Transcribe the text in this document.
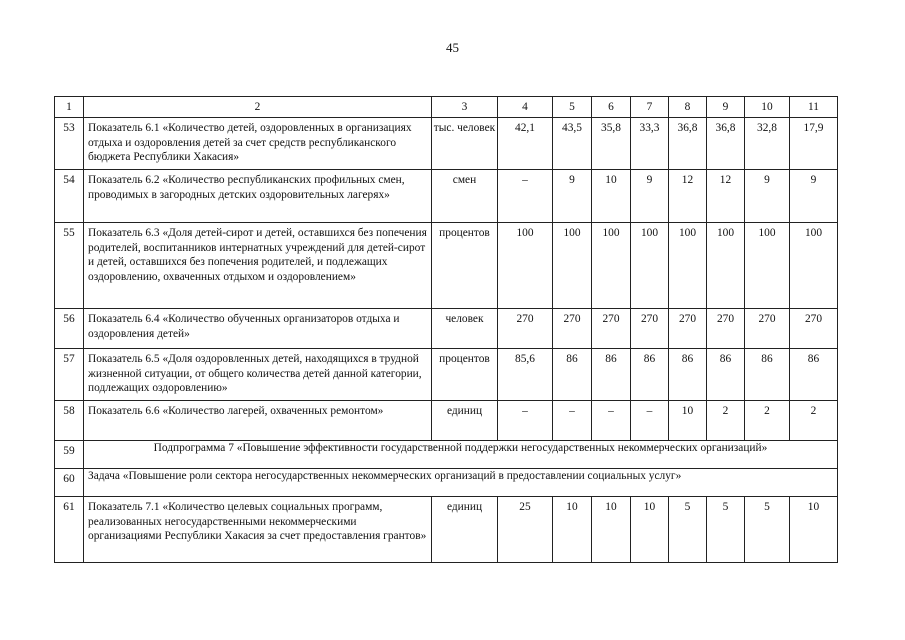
45
1	2	3	4	5	6	7	8	9	10	11
53	Показатель 6.1 «Количество детей, оздоровленных в организациях отдыха и оздоровления детей за счет средств республиканского бюджета Республики Хакасия»	тыс. человек	42,1	43,5	35,8	33,3	36,8	36,8	32,8	17,9
54	Показатель 6.2 «Количество республиканских профильных смен, проводимых в загородных детских оздоровительных лагерях»	смен	–	9	10	9	12	12	9	9
55	Показатель 6.3 «Доля детей-сирот и детей, оставшихся без попечения родителей, воспитанников интернатных учреждений для детей-сирот и детей, оставшихся без попечения родителей, и подлежащих оздоровлению, охваченных отдыхом и оздоровлением»	процентов	100	100	100	100	100	100	100	100
56	Показатель 6.4 «Количество обученных организаторов отдыха и оздоровления детей»	человек	270	270	270	270	270	270	270	270
57	Показатель 6.5 «Доля оздоровленных детей, находящихся в трудной жизненной ситуации, от общего количества детей данной категории, подлежащих оздоровлению»	процентов	85,6	86	86	86	86	86	86	86
58	Показатель 6.6 «Количество лагерей, охваченных ремонтом»	единиц	–	–	–	–	10	2	2	2
59	Подпрограмма 7 «Повышение эффективности государственной поддержки негосударственных некоммерческих организаций»									
60	Задача «Повышение роли сектора негосударственных некоммерческих организаций в предоставлении социальных услуг»									
61	Показатель 7.1 «Количество целевых социальных программ, реализованных негосударственными некоммерческими организациями Республики Хакасия за счет предоставления грантов»	единиц	25	10	10	10	5	5	5	10
